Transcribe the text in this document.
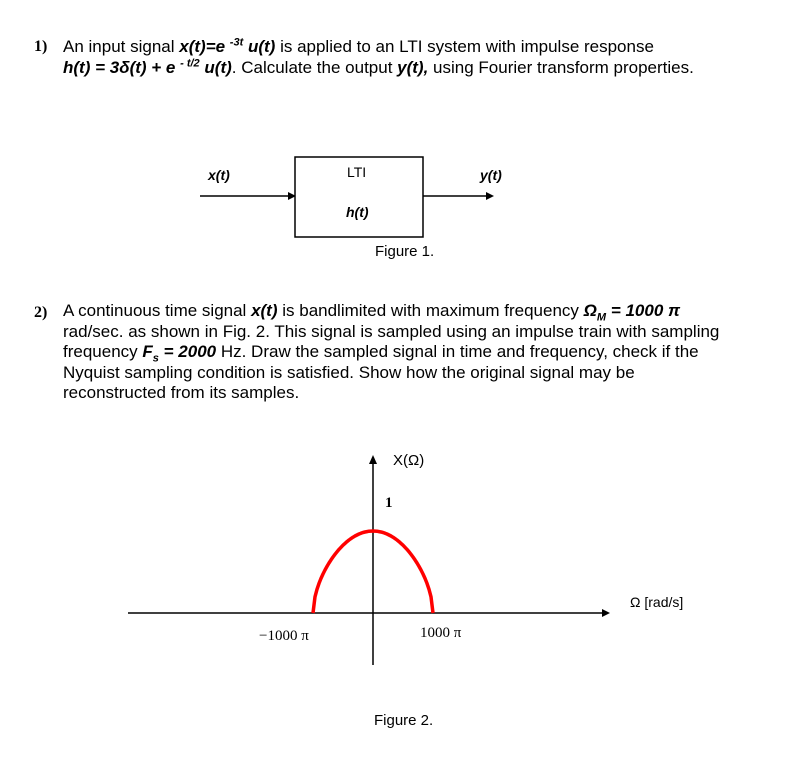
1) An input signal x(t)=e $^{-3t}$ u(t) is applied to an LTI system with impulse response
h(t) = 3δ(t) + e $^{- t/2}$ u(t). Calculate the output y(t), using Fourier transform properties.
x(t)	LTI
h(t)
y(t)
Figure 1.
2) A continuous time signal x(t) is bandlimited with maximum frequency $\Omega_M = 1000$ π
rad/sec. as shown in Fig. 2. This signal is sampled using an impulse train with sampling
frequency $F_s = 2000$ Hz. Draw the sampled signal in time and frequency, check if the
Nyquist sampling condition is satisfied. Show how the original signal may be
reconstructed from its samples.
X(Ω)
1
Ω [rad/s]
−1000 π	1000 π
Figure 2.
